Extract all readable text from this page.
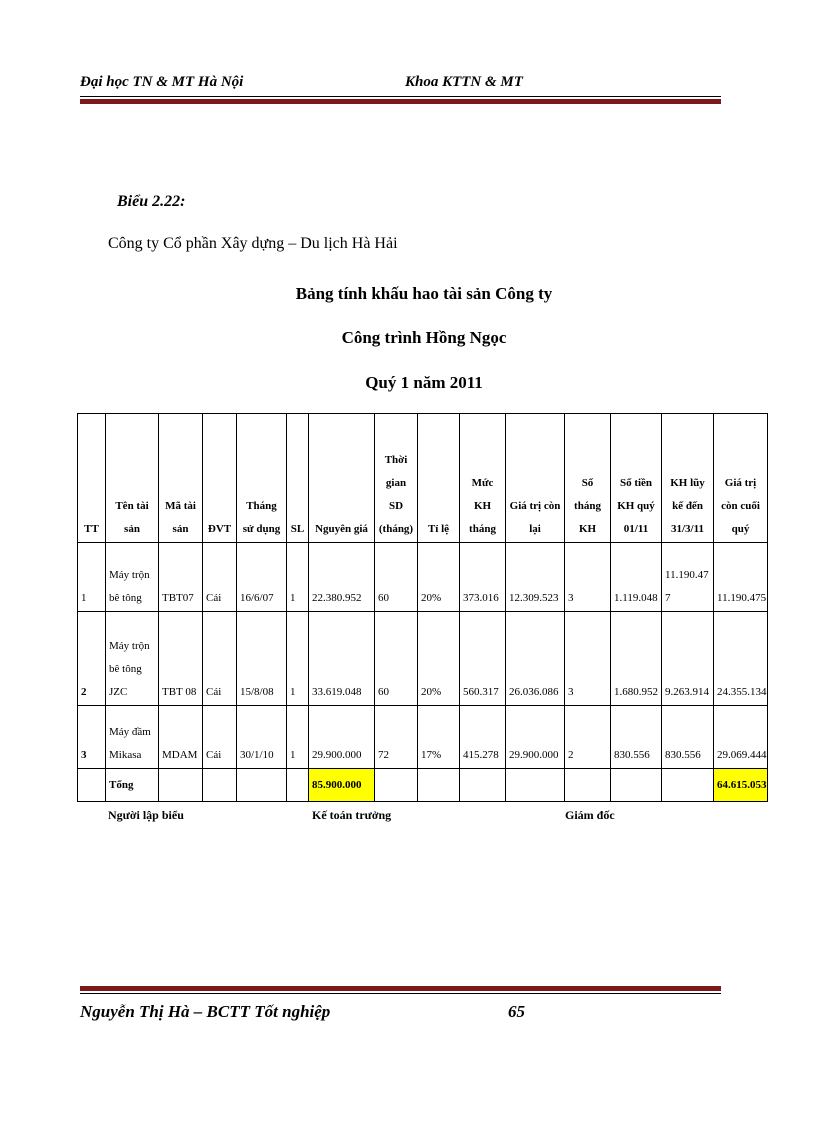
Đại học TN & MT Hà Nội	Khoa KTTN & MT
Biểu 2.22:
Công ty Cổ phần Xây dựng – Du lịch Hà Hải
Bảng tính khấu hao tài sản Công ty
Công trình Hồng Ngọc
Quý 1 năm 2011
TT	Tên tài sản	Mã tài sản	ĐVT	Tháng sử dụng	SL	Nguyên giá	Thời gian SD (tháng)	Tỉ lệ	Mức KH tháng	Giá trị còn lại	Số tháng KH	Số tiền KH quý 01/11	KH lũy kế đến 31/3/11	Giá trị còn cuối quý
1	Máy trộn bê tông	TBT07	Cái	16/6/07	1	22.380.952	60	20%	373.016	12.309.523	3	1.119.048	11.190.477	11.190.475
2	Máy trộn bê tông JZC	TBT 08	Cái	15/8/08	1	33.619.048	60	20%	560.317	26.036.086	3	1.680.952	9.263.914	24.355.134
3	Máy đầm Mikasa	MDAM	Cái	30/1/10	1	29.900.000	72	17%	415.278	29.900.000	2	830.556	830.556	29.069.444
	Tổng					85.900.000								64.615.053
Người lập biểu	Kế toán trưởng	Giám đốc
Nguyễn Thị Hà – BCTT Tốt nghiệp	65
